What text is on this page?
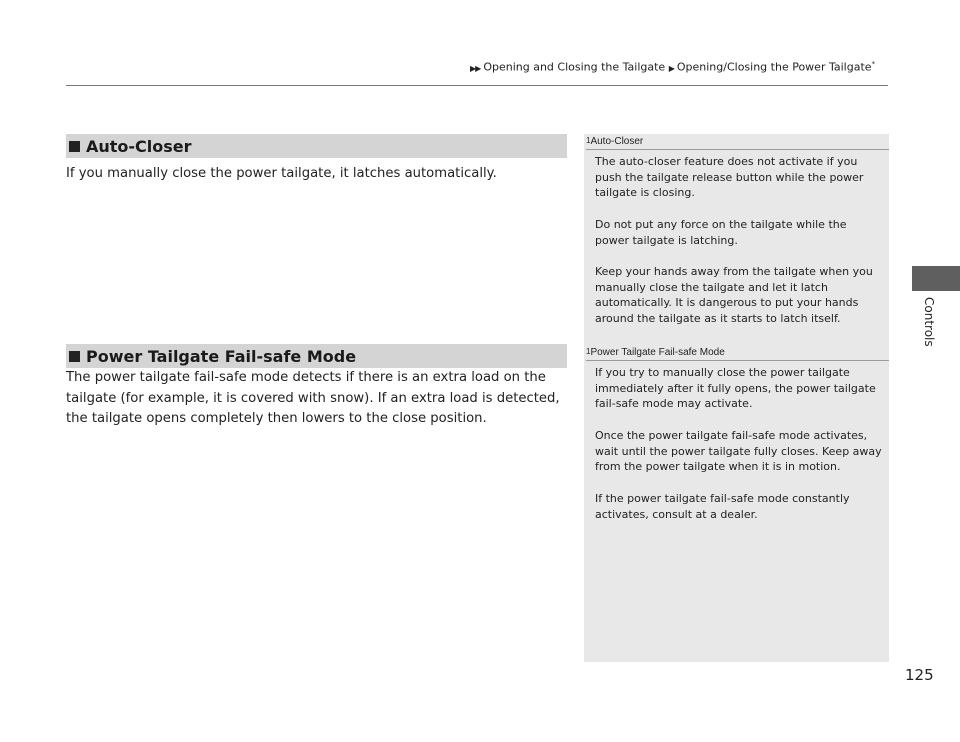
▶▶ Opening and Closing the Tailgate ▶ Opening/Closing the Power Tailgate*
Controls
Auto-Closer

If you manually close the power tailgate, it latches automatically.

Power Tailgate Fail-safe Mode

The power tailgate fail-safe mode detects if there is an extra load on the tailgate (for example, it is covered with snow). If an extra load is detected, the tailgate opens completely then lowers to the close position.

$^1$Auto-Closer

The auto-closer feature does not activate if you push the tailgate release button while the power tailgate is closing.

Do not put any force on the tailgate while the power tailgate is latching.

Keep your hands away from the tailgate when you manually close the tailgate and let it latch automatically. It is dangerous to put your hands around the tailgate as it starts to latch itself.

$^1$Power Tailgate Fail-safe Mode

If you try to manually close the power tailgate immediately after it fully opens, the power tailgate fail-safe mode may activate.

Once the power tailgate fail-safe mode activates, wait until the power tailgate fully closes. Keep away from the power tailgate when it is in motion.

If the power tailgate fail-safe mode constantly activates, consult at a dealer.

125
